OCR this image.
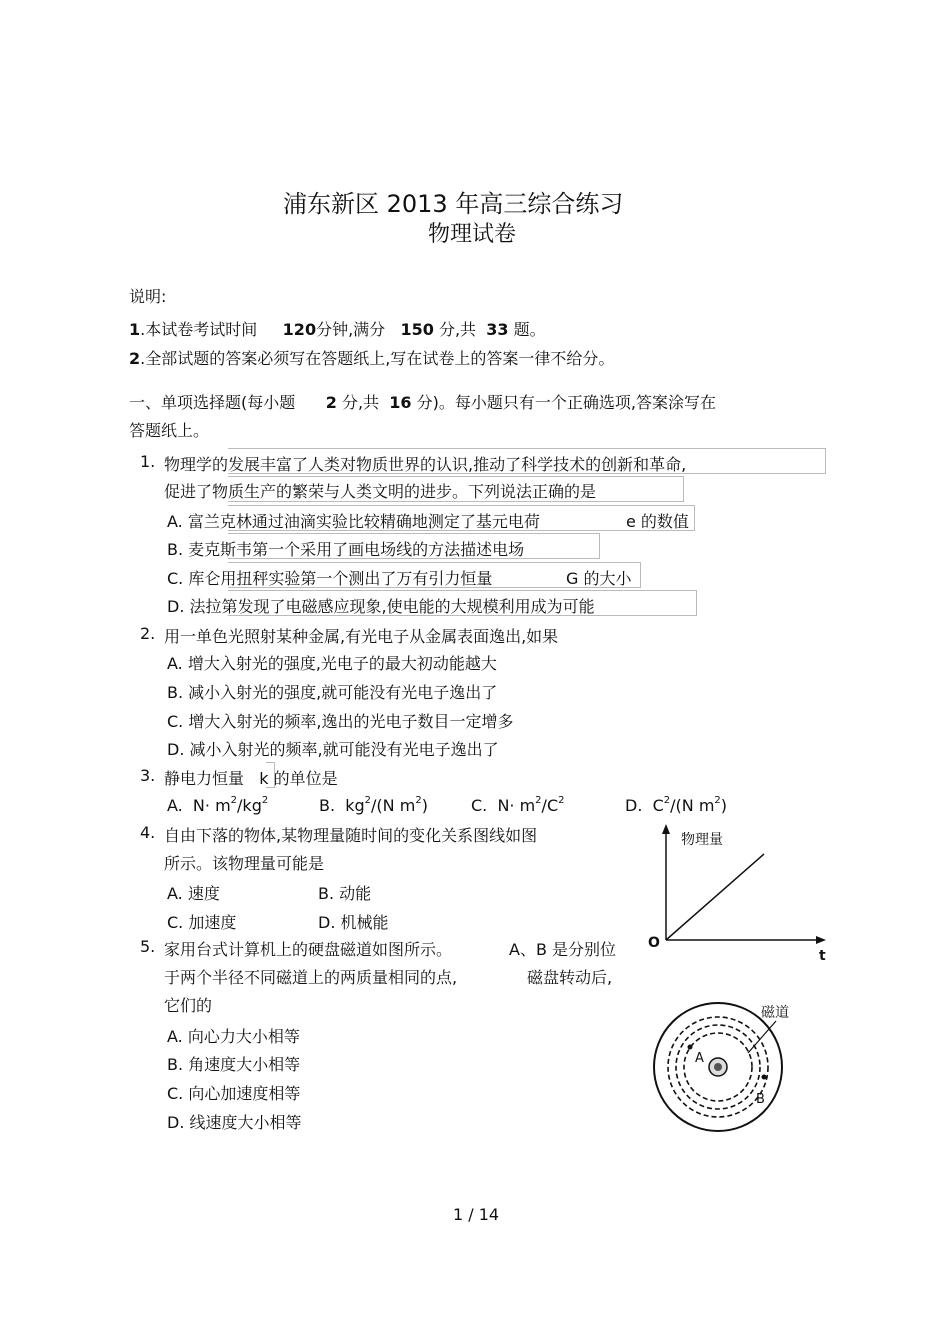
浦东新区 2013 年高三综合练习
物理试卷
说明:
1.本试卷考试时间 120分钟,满分 150 分,共 33 题。
2.全部试题的答案必须写在答题纸上,写在试卷上的答案一律不给分。
一、单项选择题(每小题 2 分,共 16 分)。每小题只有一个正确选项,答案涂写在
答题纸上。
1. 物理学的发展丰富了人类对物质世界的认识,推动了科学技术的创新和革命,
促进了物质生产的繁荣与人类文明的进步。下列说法正确的是
A. 富兰克林通过油滴实验比较精确地测定了基元电荷	e 的数值
B. 麦克斯韦第一个采用了画电场线的方法描述电场
C. 库仑用扭秤实验第一个测出了万有引力恒量	G 的大小
D. 法拉第发现了电磁感应现象,使电能的大规模利用成为可能
2. 用一单色光照射某种金属,有光电子从金属表面逸出,如果
A. 增大入射光的强度,光电子的最大初动能越大
B. 减小入射光的强度,就可能没有光电子逸出了
C. 增大入射光的频率,逸出的光电子数目一定增多
D. 减小入射光的频率,就可能没有光电子逸出了
3. 静电力恒量 k 的单位是
A. $N\cdot m^2/kg^2$	B. $kg^2/(N$ $m^2$)	C. $N\cdot m^2/C^2$	D. $C^2/(N$ $m^2$)
4. 自由下落的物体,某物理量随时间的变化关系图线如图
所示。该物理量可能是
A. 速度	B. 动能
C. 加速度	D. 机械能
物理量
O
t
5. 家用台式计算机上的硬盘磁道如图所示。	A、B 是分别位
于两个半径不同磁道上的两质量相同的点,	磁盘转动后,
它们的
A. 向心力大小相等
B. 角速度大小相等
C. 向心加速度相等
D. 线速度大小相等
磁道
A
B
1 / 14
